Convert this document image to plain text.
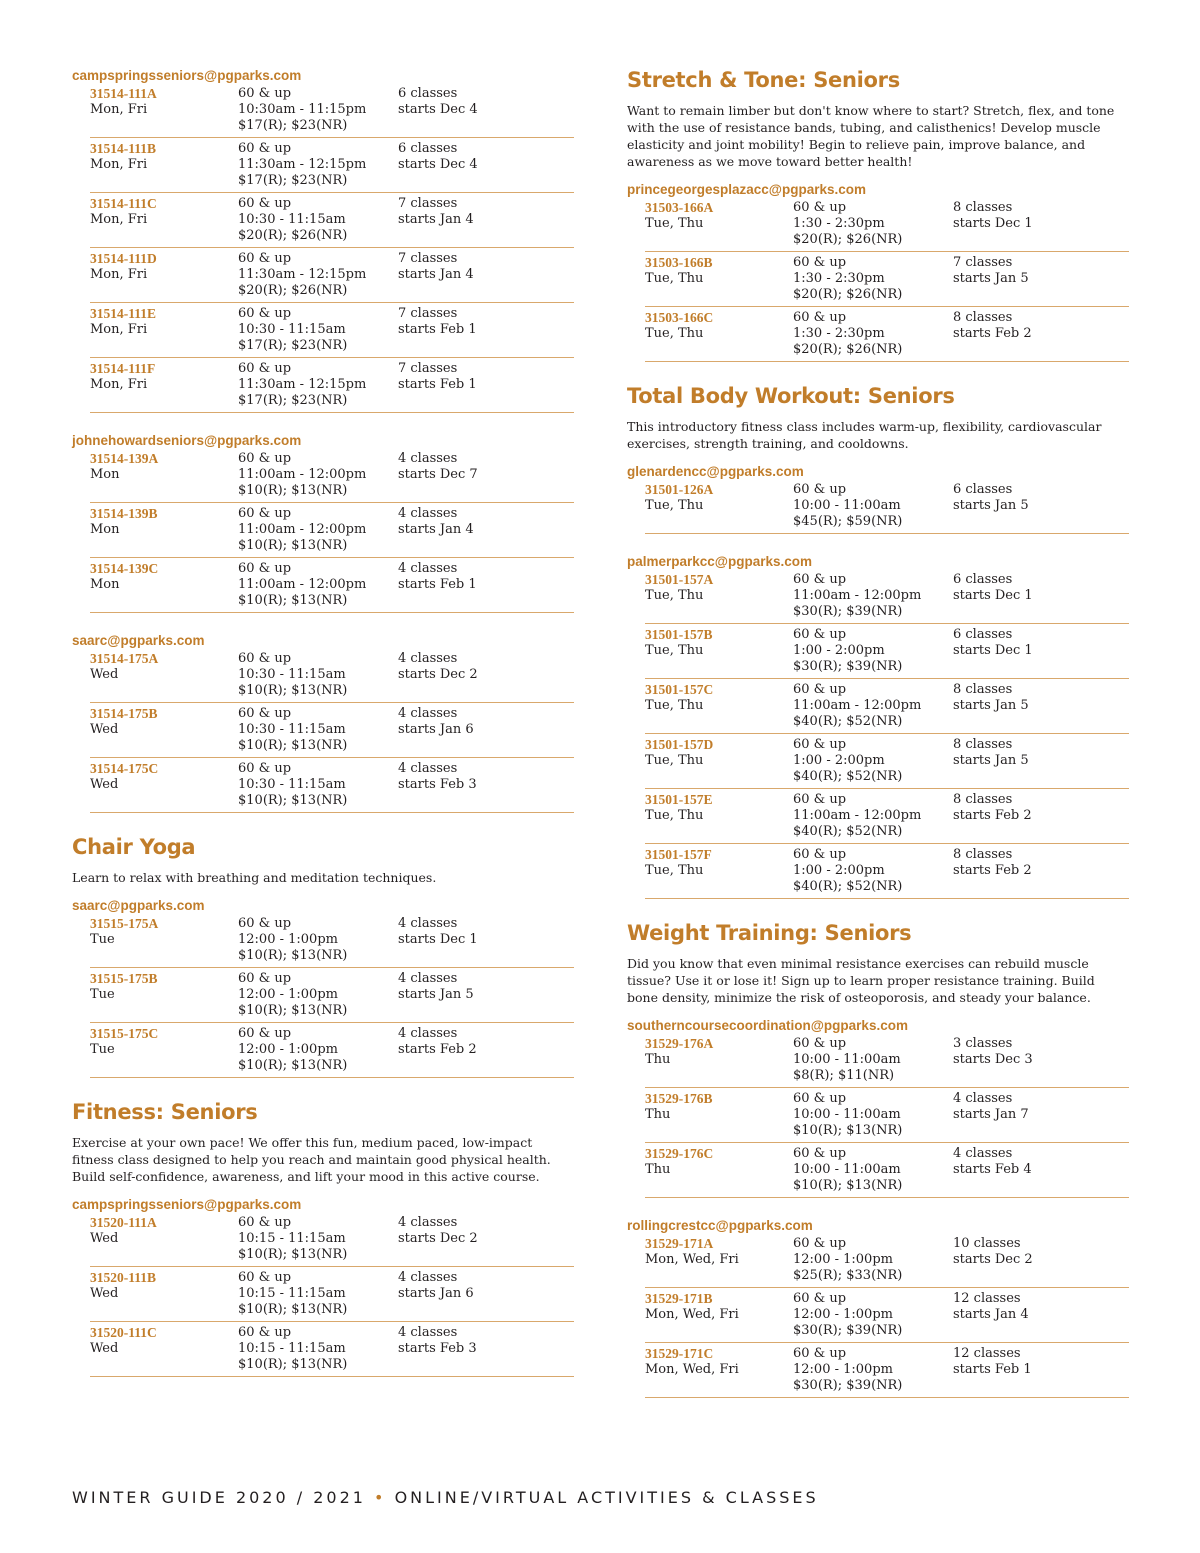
campspringsseniors@pgparks.com
31514-111A
Mon, Fri
60 & up
10:30am - 11:15pm
$17(R); $23(NR)
6 classes
starts Dec 4
31514-111B
Mon, Fri
60 & up
11:30am - 12:15pm
$17(R); $23(NR)
6 classes
starts Dec 4
31514-111C
Mon, Fri
60 & up
10:30 - 11:15am
$20(R); $26(NR)
7 classes
starts Jan 4
31514-111D
Mon, Fri
60 & up
11:30am - 12:15pm
$20(R); $26(NR)
7 classes
starts Jan 4
31514-111E
Mon, Fri
60 & up
10:30 - 11:15am
$17(R); $23(NR)
7 classes
starts Feb 1
31514-111F
Mon, Fri
60 & up
11:30am - 12:15pm
$17(R); $23(NR)
7 classes
starts Feb 1
johnehowardseniors@pgparks.com
31514-139A
Mon
60 & up
11:00am - 12:00pm
$10(R); $13(NR)
4 classes
starts Dec 7
31514-139B
Mon
60 & up
11:00am - 12:00pm
$10(R); $13(NR)
4 classes
starts Jan 4
31514-139C
Mon
60 & up
11:00am - 12:00pm
$10(R); $13(NR)
4 classes
starts Feb 1
saarc@pgparks.com
31514-175A
Wed
60 & up
10:30 - 11:15am
$10(R); $13(NR)
4 classes
starts Dec 2
31514-175B
Wed
60 & up
10:30 - 11:15am
$10(R); $13(NR)
4 classes
starts Jan 6
31514-175C
Wed
60 & up
10:30 - 11:15am
$10(R); $13(NR)
4 classes
starts Feb 3
Chair Yoga
Learn to relax with breathing and meditation techniques.
saarc@pgparks.com
31515-175A
Tue
60 & up
12:00 - 1:00pm
$10(R); $13(NR)
4 classes
starts Dec 1
31515-175B
Tue
60 & up
12:00 - 1:00pm
$10(R); $13(NR)
4 classes
starts Jan 5
31515-175C
Tue
60 & up
12:00 - 1:00pm
$10(R); $13(NR)
4 classes
starts Feb 2
Fitness: Seniors
Exercise at your own pace! We offer this fun, medium paced, low-impact fitness class designed to help you reach and maintain good physical health. Build self-confidence, awareness, and lift your mood in this active course.
campspringsseniors@pgparks.com
31520-111A
Wed
60 & up
10:15 - 11:15am
$10(R); $13(NR)
4 classes
starts Dec 2
31520-111B
Wed
60 & up
10:15 - 11:15am
$10(R); $13(NR)
4 classes
starts Jan 6
31520-111C
Wed
60 & up
10:15 - 11:15am
$10(R); $13(NR)
4 classes
starts Feb 3
Stretch & Tone: Seniors
Want to remain limber but don't know where to start? Stretch, flex, and tone with the use of resistance bands, tubing, and calisthenics! Develop muscle elasticity and joint mobility! Begin to relieve pain, improve balance, and awareness as we move toward better health!
princegeorgesplazacc@pgparks.com
31503-166A
Tue, Thu
60 & up
1:30 - 2:30pm
$20(R); $26(NR)
8 classes
starts Dec 1
31503-166B
Tue, Thu
60 & up
1:30 - 2:30pm
$20(R); $26(NR)
7 classes
starts Jan 5
31503-166C
Tue, Thu
60 & up
1:30 - 2:30pm
$20(R); $26(NR)
8 classes
starts Feb 2
Total Body Workout: Seniors
This introductory fitness class includes warm-up, flexibility, cardiovascular exercises, strength training, and cooldowns.
glenardencc@pgparks.com
31501-126A
Tue, Thu
60 & up
10:00 - 11:00am
$45(R); $59(NR)
6 classes
starts Jan 5
palmerparkcc@pgparks.com
31501-157A
Tue, Thu
60 & up
11:00am - 12:00pm
$30(R); $39(NR)
6 classes
starts Dec 1
31501-157B
Tue, Thu
60 & up
1:00 - 2:00pm
$30(R); $39(NR)
6 classes
starts Dec 1
31501-157C
Tue, Thu
60 & up
11:00am - 12:00pm
$40(R); $52(NR)
8 classes
starts Jan 5
31501-157D
Tue, Thu
60 & up
1:00 - 2:00pm
$40(R); $52(NR)
8 classes
starts Jan 5
31501-157E
Tue, Thu
60 & up
11:00am - 12:00pm
$40(R); $52(NR)
8 classes
starts Feb 2
31501-157F
Tue, Thu
60 & up
1:00 - 2:00pm
$40(R); $52(NR)
8 classes
starts Feb 2
Weight Training: Seniors
Did you know that even minimal resistance exercises can rebuild muscle tissue? Use it or lose it! Sign up to learn proper resistance training. Build bone density, minimize the risk of osteoporosis, and steady your balance.
southerncoursecoordination@pgparks.com
31529-176A
Thu
60 & up
10:00 - 11:00am
$8(R); $11(NR)
3 classes
starts Dec 3
31529-176B
Thu
60 & up
10:00 - 11:00am
$10(R); $13(NR)
4 classes
starts Jan 7
31529-176C
Thu
60 & up
10:00 - 11:00am
$10(R); $13(NR)
4 classes
starts Feb 4
rollingcrestcc@pgparks.com
31529-171A
Mon, Wed, Fri
60 & up
12:00 - 1:00pm
$25(R); $33(NR)
10 classes
starts Dec 2
31529-171B
Mon, Wed, Fri
60 & up
12:00 - 1:00pm
$30(R); $39(NR)
12 classes
starts Jan 4
31529-171C
Mon, Wed, Fri
60 & up
12:00 - 1:00pm
$30(R); $39(NR)
12 classes
starts Feb 1
WINTER GUIDE 2020 / 2021 • ONLINE/VIRTUAL ACTIVITIES & CLASSES
